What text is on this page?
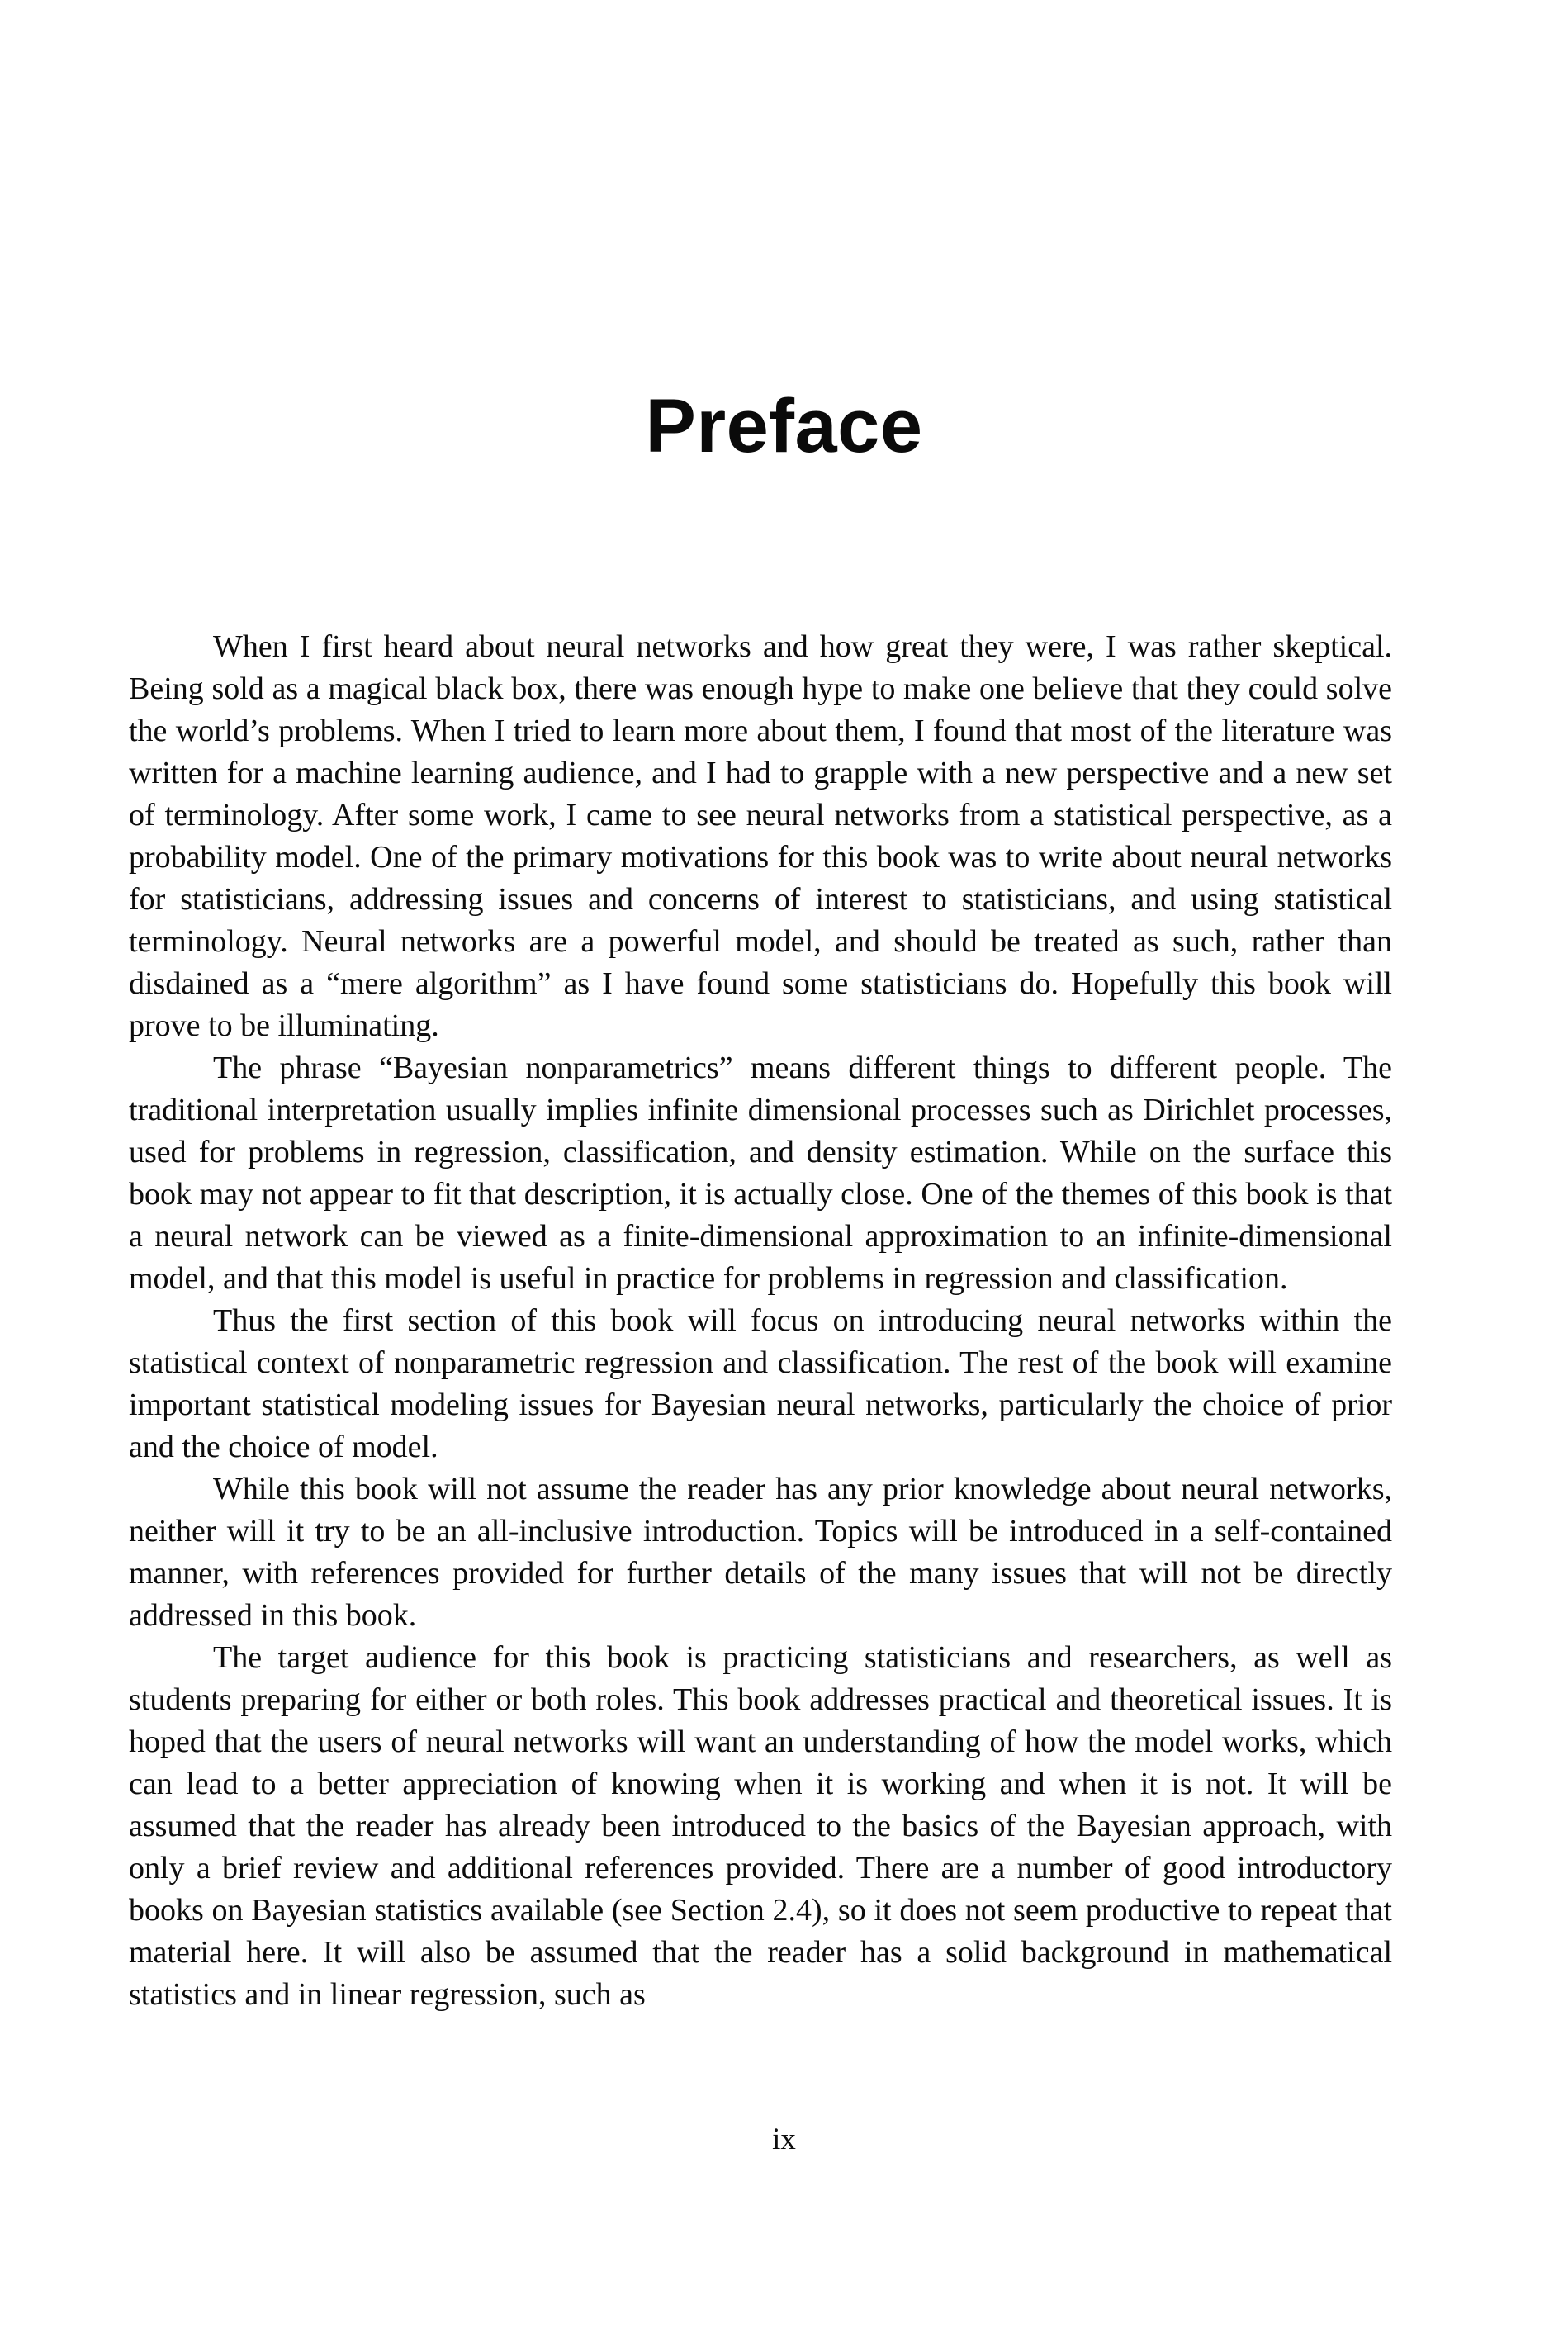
Preface

When I first heard about neural networks and how great they were, I was rather skeptical. Being sold as a magical black box, there was enough hype to make one believe that they could solve the world’s problems. When I tried to learn more about them, I found that most of the literature was written for a machine learning audience, and I had to grapple with a new perspective and a new set of terminology. After some work, I came to see neural networks from a statistical perspective, as a probability model. One of the primary motivations for this book was to write about neural networks for statisticians, addressing issues and concerns of interest to statisticians, and using statistical terminology. Neural networks are a powerful model, and should be treated as such, rather than disdained as a “mere algorithm” as I have found some statisticians do. Hopefully this book will prove to be illuminating.

The phrase “Bayesian nonparametrics” means different things to different people. The traditional interpretation usually implies infinite dimensional processes such as Dirichlet processes, used for problems in regression, classification, and density estimation. While on the surface this book may not appear to fit that description, it is actually close. One of the themes of this book is that a neural network can be viewed as a finite-dimensional approximation to an infinite-dimensional model, and that this model is useful in practice for problems in regression and classification.

Thus the first section of this book will focus on introducing neural networks within the statistical context of nonparametric regression and classification. The rest of the book will examine important statistical modeling issues for Bayesian neural networks, particularly the choice of prior and the choice of model.

While this book will not assume the reader has any prior knowledge about neural networks, neither will it try to be an all-inclusive introduction. Topics will be introduced in a self-contained manner, with references provided for further details of the many issues that will not be directly addressed in this book.

The target audience for this book is practicing statisticians and researchers, as well as students preparing for either or both roles. This book addresses practical and theoretical issues. It is hoped that the users of neural networks will want an understanding of how the model works, which can lead to a better appreciation of knowing when it is working and when it is not. It will be assumed that the reader has already been introduced to the basics of the Bayesian approach, with only a brief review and additional references provided. There are a number of good introductory books on Bayesian statistics available (see Section 2.4), so it does not seem productive to repeat that material here. It will also be assumed that the reader has a solid background in mathematical statistics and in linear regression, such as

ix
